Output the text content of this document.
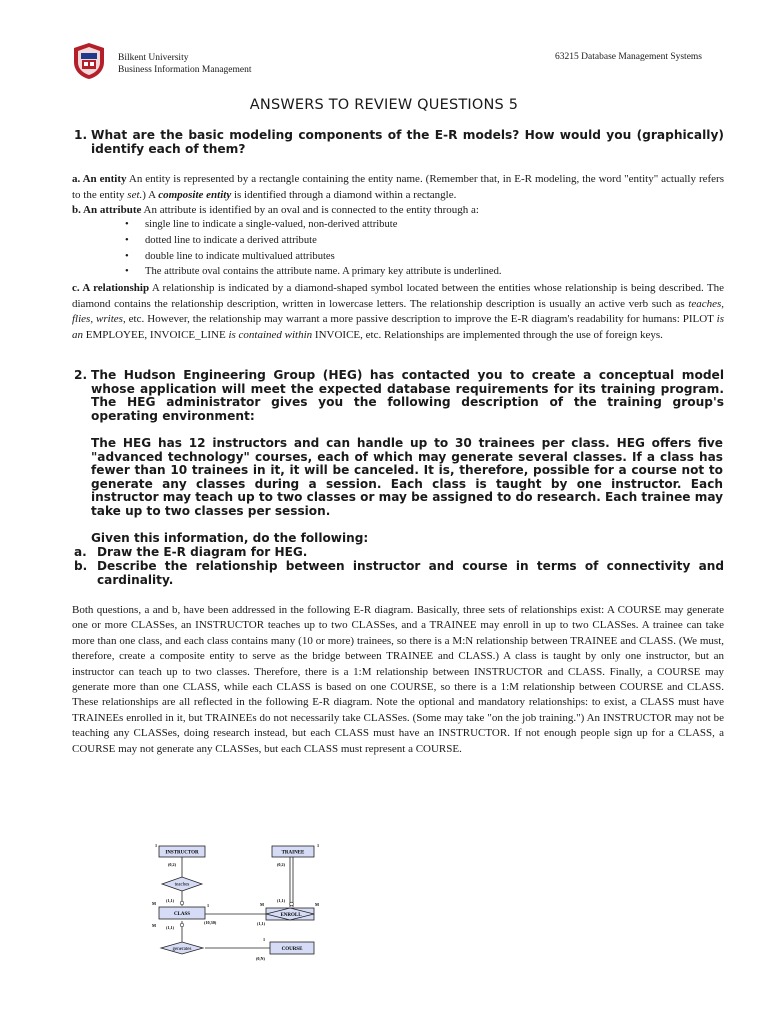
Bilkent University
Business Information Management
63215 Database Management Systems
ANSWERS TO REVIEW QUESTIONS 5
1. What are the basic modeling components of the E-R models? How would you (graphically) identify each of them?
a. An entity An entity is represented by a rectangle containing the entity name. (Remember that, in E-R modeling, the word "entity" actually refers to the entity set.) A composite entity is identified through a diamond within a rectangle.
b. An attribute An attribute is identified by an oval and is connected to the entity through a:
• single line to indicate a single-valued, non-derived attribute
• dotted line to indicate a derived attribute
• double line to indicate multivalued attributes
• The attribute oval contains the attribute name. A primary key attribute is underlined.
c. A relationship A relationship is indicated by a diamond-shaped symbol located between the entities whose relationship is being described. The diamond contains the relationship description, written in lowercase letters. The relationship description is usually an active verb such as teaches, flies, writes, etc. However, the relationship may warrant a more passive description to improve the E-R diagram's readability for humans: PILOT is an EMPLOYEE, INVOICE_LINE is contained within INVOICE, etc. Relationships are implemented through the use of foreign keys.
2. The Hudson Engineering Group (HEG) has contacted you to create a conceptual model whose application will meet the expected database requirements for its training program. The HEG administrator gives you the following description of the training group's operating environment:
The HEG has 12 instructors and can handle up to 30 trainees per class. HEG offers five "advanced technology" courses, each of which may generate several classes. If a class has fewer than 10 trainees in it, it will be canceled. It is, therefore, possible for a course not to generate any classes during a session. Each class is taught by one instructor. Each instructor may teach up to two classes or may be assigned to do research. Each trainee may take up to two classes per session.
Given this information, do the following:
a. Draw the E-R diagram for HEG.
b. Describe the relationship between instructor and course in terms of connectivity and cardinality.
Both questions, a and b, have been addressed in the following E-R diagram. Basically, three sets of relationships exist: A COURSE may generate one or more CLASSes, an INSTRUCTOR teaches up to two CLASSes, and a TRAINEE may enroll in up to two CLASSes. A trainee can take more than one class, and each class contains many (10 or more) trainees, so there is a M:N relationship between TRAINEE and CLASS. (We must, therefore, create a composite entity to serve as the bridge between TRAINEE and CLASS.) A class is taught by only one instructor, but an instructor can teach up to two classes. Therefore, there is a 1:M relationship between INSTRUCTOR and CLASS. Finally, a COURSE may generate more than one CLASS, while each CLASS is based on one COURSE, so there is a 1:M relationship between COURSE and CLASS. These relationships are all reflected in the following E-R diagram. Note the optional and mandatory relationships: to exist, a CLASS must have TRAINEEs enrolled in it, but TRAINEEs do not necessarily take CLASSes. (Some may take "on the job training.") An INSTRUCTOR may not be teaching any CLASSes, doing research instead, but each CLASS must have an INSTRUCTOR. If not enough people sign up for a CLASS, a COURSE may not generate any CLASSes, but each CLASS must represent a COURSE.
INSTRUCTOR
1
(0,2)
teaches
TRAINEE
1
(0,2)
CLASS
M
(1,1)
1
(10,30)
M (1,1)
ENROLL
M
(1,1)
M
(1,1)
generates	COURSE
1
(0,N)
